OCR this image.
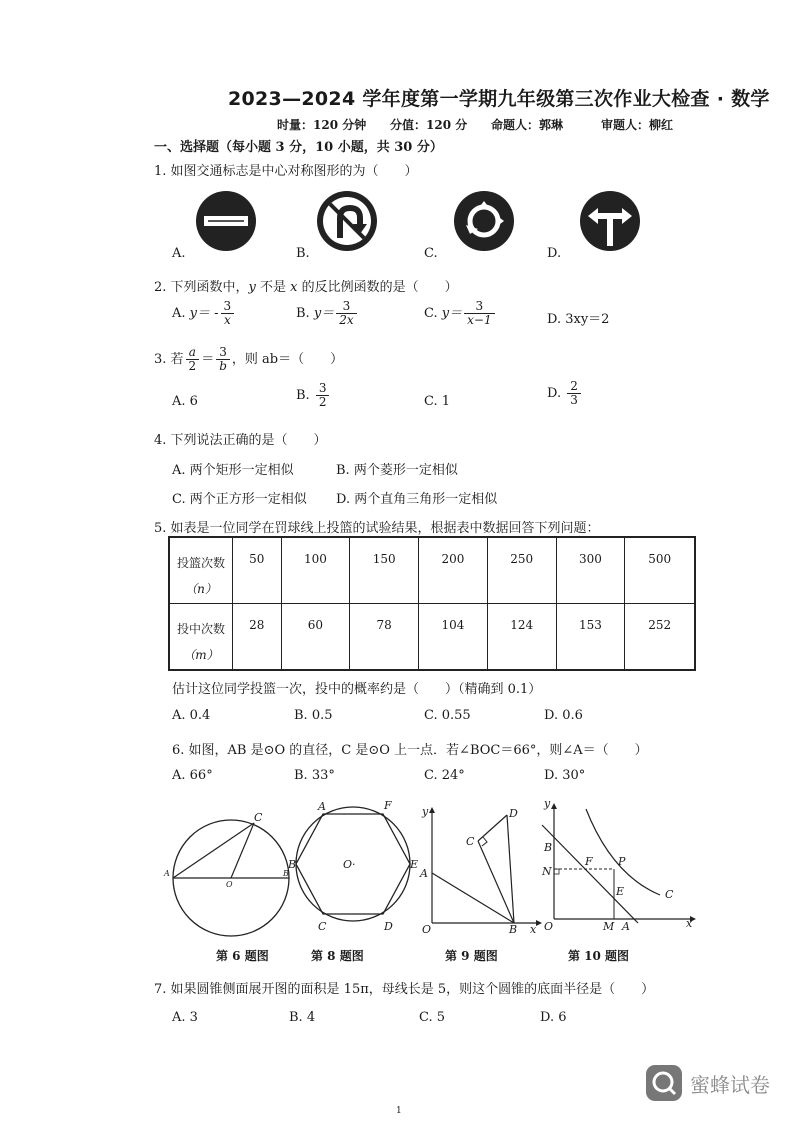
2023—2024 学年度第一学期九年级第三次作业大检查 · 数学
时量：120 分钟 分值：120 分 命题人：郭琳	审题人：柳红
一、选择题（每小题 3 分，10 小题，共 30 分）
1. 如图交通标志是中心对称图形的为（　　）
A.	B.	C.	D.
2. 下列函数中，y 不是 x 的反比例函数的是（　　）
A. $y= - \frac{3}{x}$	B. $y= \frac{3}{2x}$	C. $y= \frac{3}{x-1}$	D. 3xy＝2
3. 若 $\frac{a}{2} = \frac{3}{b}$ ，则 ab＝（　　）
A. 6	B. $\frac{3}{2}$	C. 1
D. $\frac{2}{3}$
4. 下列说法正确的是（　　）
A. 两个矩形一定相似	B. 两个菱形一定相似
C. 两个正方形一定相似 D. 两个直角三角形一定相似
5. 如表是一位同学在罚球线上投篮的试验结果，根据表中数据回答下列问题：
投篮次数
（n）	50	100	150	200	250	300	500
投中次数
（m）	28	60	78	104	124	153	252
估计这位同学投篮一次，投中的概率约是（　　）（精确到 0.1）
A. 0.4	B. 0.5	C. 0.55	D. 0.6
6. 如图，AB 是⊙O 的直径，C 是⊙O 上一点．若∠BOC＝66°，则∠A＝（　　）
A. 66°	B. 33°	C. 24°	D. 30°
A	B
C
O
A	F
B	O·	E
C	D
y	D
C
A
O	B x
y
B
F P
N
E	C
O	M A	x
第 6 题图	第 8 题图	第 9 题图	第 10 题图
7. 如果圆锥侧面展开图的面积是 15π，母线长是 5，则这个圆锥的底面半径是（　　）
A. 3	B. 4	C. 5	D. 6
1
蜜蜂试卷
